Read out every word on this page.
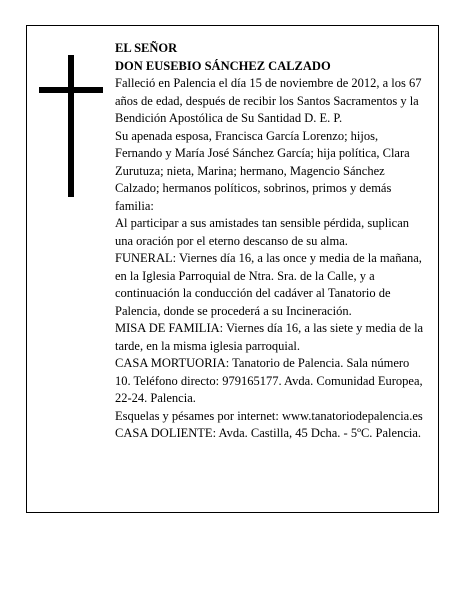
EL SEÑOR

DON EUSEBIO SÁNCHEZ CALZADO

Falleció en Palencia el día 15 de noviembre de 2012, a los 67 años de edad, después de recibir los Santos Sacramentos y la Bendición Apostólica de Su Santidad D. E. P.

Su apenada esposa, Francisca García Lorenzo; hijos, Fernando y María José Sánchez García; hija política, Clara Zurutuza; nieta, Marina; hermano, Magencio Sánchez Calzado; hermanos políticos, sobrinos, primos y demás familia:

Al participar a sus amistades tan sensible pérdida, suplican una oración por el eterno descanso de su alma.

FUNERAL: Viernes día 16, a las once y media de la mañana, en la Iglesia Parroquial de Ntra. Sra. de la Calle, y a continuación la conducción del cadáver al Tanatorio de Palencia, donde se procederá a su Incineración.

MISA DE FAMILIA: Viernes día 16, a las siete y media de la tarde, en la misma iglesia parroquial.

CASA MORTUORIA: Tanatorio de Palencia. Sala número 10. Teléfono directo: 979165177. Avda. Comunidad Europea, 22-24. Palencia.

Esquelas y pésames por internet: www.tanatoriodepalencia.es

CASA DOLIENTE: Avda. Castilla, 45 Dcha. - 5ºC. Palencia.
